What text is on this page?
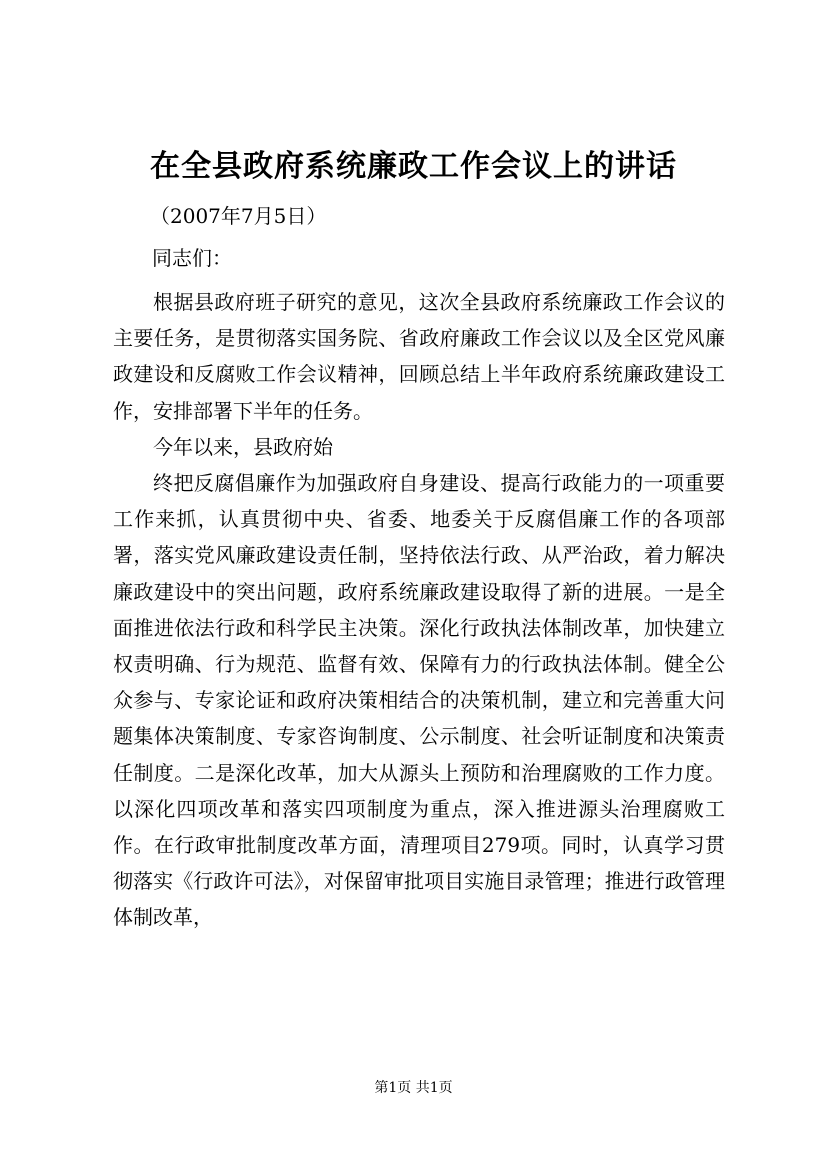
在全县政府系统廉政工作会议上的讲话
（2007年7月5日）
同志们：

根据县政府班子研究的意见，这次全县政府系统廉政工作会议的主要任务，是贯彻落实国务院、省政府廉政工作会议以及全区党风廉政建设和反腐败工作会议精神，回顾总结上半年政府系统廉政建设工作，安排部署下半年的任务。

今年以来，县政府始

终把反腐倡廉作为加强政府自身建设、提高行政能力的一项重要工作来抓，认真贯彻中央、省委、地委关于反腐倡廉工作的各项部署，落实党风廉政建设责任制，坚持依法行政、从严治政，着力解决廉政建设中的突出问题，政府系统廉政建设取得了新的进展。一是全面推进依法行政和科学民主决策。深化行政执法体制改革，加快建立权责明确、行为规范、监督有效、保障有力的行政执法体制。健全公众参与、专家论证和政府决策相结合的决策机制，建立和完善重大问题集体决策制度、专家咨询制度、公示制度、社会听证制度和决策责任制度。二是深化改革，加大从源头上预防和治理腐败的工作力度。以深化四项改革和落实四项制度为重点，深入推进源头治理腐败工作。在行政审批制度改革方面，清理项目279项。同时，认真学习贯彻落实《行政许可法》，对保留审批项目实施目录管理；推进行政管理体制改革，

第1页 共1页
